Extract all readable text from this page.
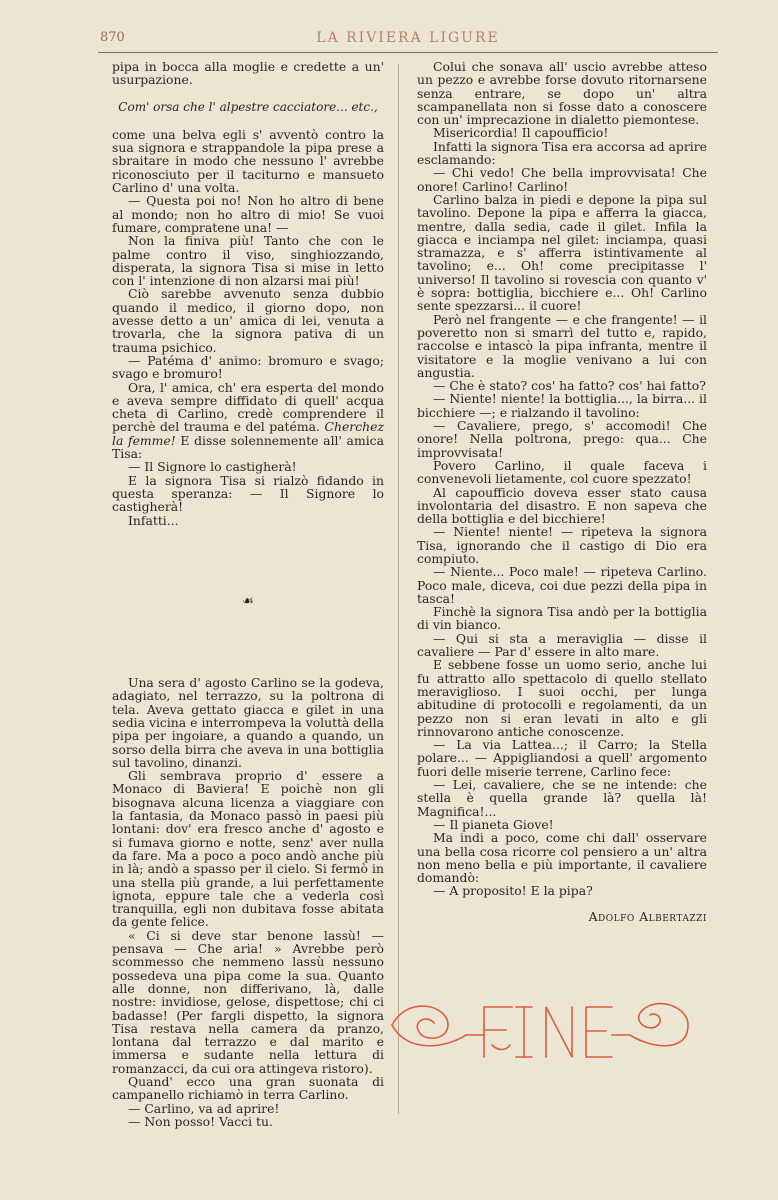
870	LA RIVIERA LIGURE

pipa in bocca alla moglie e credette a un' usurpazione.

Com' orsa che l' alpestre cacciatore... etc.,

come una belva egli s' avventò contro la sua signora e strappandole la pipa prese a sbraitare in modo che nessuno l' avrebbe riconosciuto per il taciturno e mansueto Carlino d' una volta.

— Questa poi no! Non ho altro di bene al mondo; non ho altro di mio! Se vuoi fumare, compratene una! —

Non la finiva più! Tanto che con le palme contro il viso, singhiozzando, disperata, la signora Tisa si mise in letto con l' intenzione di non alzarsi mai più!

Ciò sarebbe avvenuto senza dubbio quando il medico, il giorno dopo, non avesse detto a un' amica di lei, venuta a trovarla, che la signora pativa di un trauma psichico.

— Patéma d' animo: bromuro e svago; svago e bromuro!

Ora, l' amica, ch' era esperta del mondo e aveva sempre diffidato di quell' acqua cheta di Carlino, credè comprendere il perchè del trauma e del patéma. Cherchez la femme! E disse solennemente all' amica Tisa:

— Il Signore lo castigherà!

E la signora Tisa si rialzò fidando in questa speranza: — Il Signore lo castigherà!

Infatti...

☙

Una sera d' agosto Carlino se la godeva, adagiato, nel terrazzo, su la poltrona di tela. Aveva gettato giacca e gilet in una sedia vicina e interrompeva la voluttà della pipa per ingoiare, a quando a quando, un sorso della birra che aveva in una bottiglia sul tavolino, dinanzi.

Gli sembrava proprio d' essere a Monaco di Baviera! E poichè non gli bisognava alcuna licenza a viaggiare con la fantasia, da Monaco passò in paesi più lontani: dov' era fresco anche d' agosto e si fumava giorno e notte, senz' aver nulla da fare. Ma a poco a poco andò anche più in là; andò a spasso per il cielo. Si fermò in una stella più grande, a lui perfettamente ignota, eppure tale che a vederla così tranquilla, egli non dubitava fosse abitata da gente felice.

« Ci si deve star benone lassù! — pensava — Che aria! » Avrebbe però scommesso che nemmeno lassù nessuno possedeva una pipa come la sua. Quanto alle donne, non differivano, là, dalle nostre: invidiose, gelose, dispettose; chi ci badasse! (Per fargli dispetto, la signora Tisa restava nella camera da pranzo, lontana dal terrazzo e dal marito e immersa e sudante nella lettura di romanzacci, da cui ora attingeva ristoro).

Quand' ecco una gran suonata di campanello richiamò in terra Carlino.

— Carlino, va ad aprire!

— Non posso! Vacci tu.

Colui che sonava all' uscio avrebbe atteso un pezzo e avrebbe forse dovuto ritornarsene senza entrare, se dopo un' altra scampanellata non si fosse dato a conoscere con un' imprecazione in dialetto piemontese.

Misericordia! Il capoufficio!

Infatti la signora Tisa era accorsa ad aprire esclamando:

— Chi vedo! Che bella improvvisata! Che onore! Carlino! Carlino!

Carlino balza in piedi e depone la pipa sul tavolino. Depone la pipa e afferra la giacca, mentre, dalla sedia, cade il gilet. Infila la giacca e inciampa nel gilet: inciampa, quasi stramazza, e s' afferra istintivamente al tavolino; e... Oh! come precipitasse l' universo! Il tavolino si rovescia con quanto v' è sopra: bottiglia, bicchiere e... Oh! Carlino sente spezzarsi... il cuore!

Però nel frangente — e che frangente! — il poveretto non si smarrì del tutto e, rapido, raccolse e intascò la pipa infranta, mentre il visitatore e la moglie venivano a lui con angustia.

— Che è stato? cos' ha fatto? cos' hai fatto?

— Niente! niente! la bottiglia..., la birra... il bicchiere —; e rialzando il tavolino:

— Cavaliere, prego, s' accomodi! Che onore! Nella poltrona, prego: qua... Che improvvisata!

Povero Carlino, il quale faceva i convenevoli lietamente, col cuore spezzato!

Al capoufficio doveva esser stato causa involontaria del disastro. E non sapeva che della bottiglia e del bicchiere!

— Niente! niente! — ripeteva la signora Tisa, ignorando che il castigo di Dio era compiuto.

— Niente... Poco male! — ripeteva Carlino. Poco male, diceva, coi due pezzi della pipa in tasca!

Finchè la signora Tisa andò per la bottiglia di vin bianco.

— Qui si sta a meraviglia — disse il cavaliere — Par d' essere in alto mare.

E sebbene fosse un uomo serio, anche lui fu attratto allo spettacolo di quello stellato meraviglioso. I suoi occhi, per lunga abitudine di protocolli e regolamenti, da un pezzo non si eran levati in alto e gli rinnovarono antiche conoscenze.

— La via Lattea...; il Carro; la Stella polare... — Appigliandosi a quell' argomento fuori delle miserie terrene, Carlino fece:

— Lei, cavaliere, che se ne intende: che stella è quella grande là? quella là! Magnifica!...

— Il pianeta Giove!

Ma indi a poco, come chi dall' osservare una bella cosa ricorre col pensiero a un' altra non meno bella e più importante, il cavaliere domandò:

— A proposito! E la pipa?

Adolfo Albertazzi
